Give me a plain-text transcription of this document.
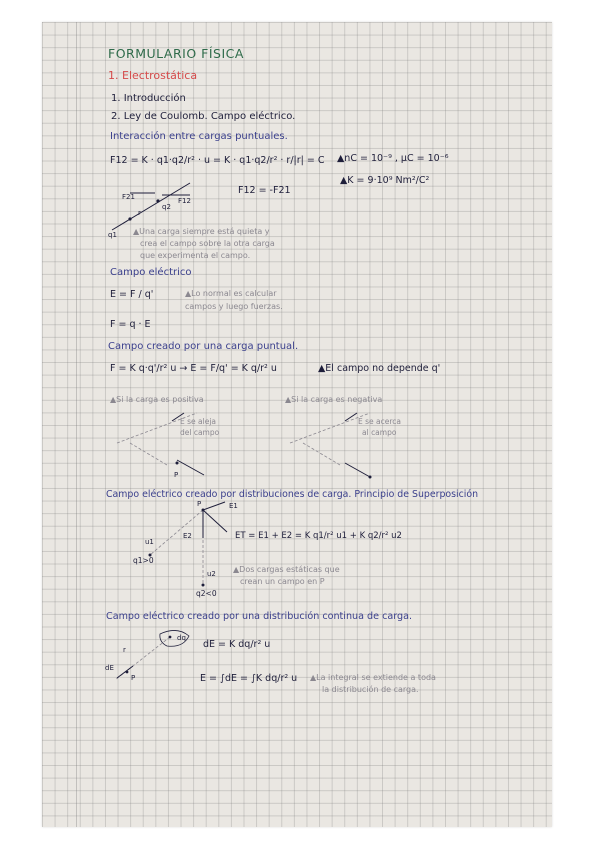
FORMULARIO FÍSICA
1. Electrostática
1. Introducción
2. Ley de Coulomb. Campo eléctrico.
Interacción entre cargas puntuales.
F12 = K · q1·q2/r² · u = K · q1·q2/r² · r/|r| = C ▲nC = 10⁻⁹ , µC = 10⁻⁶
▲K = 9·10⁹ Nm²/C²
F21	F12
q1
q2
r
F12 = -F21
▲Una carga siempre está quieta y
crea el campo sobre la otra carga
que experimenta el campo.
Campo eléctrico
E = F / q'	▲Lo normal es calcular
campos y luego fuerzas.
F = q · E
Campo creado por una carga puntual.
F = K q·q'/r² u → E = F/q' = K q/r² u	▲El campo no depende q'
▲Si la carga es positiva	▲Si la carga es negativa
P
E se aleja
del campo
E se acerca
al campo
Campo eléctrico creado por distribuciones de carga. Principio de Superposición
P	E1
E2
u1
u2
ET = E1 + E2 = K q1/r² u1 + K q2/r² u2
q1>0
q2<0
▲Dos cargas estáticas que
crean un campo en P
Campo eléctrico creado por una distribución continua de carga.
dq
r
dE
P
dE = K dq/r² u
E = ∫dE = ∫K dq/r² u ▲La integral se extiende a toda
la distribución de carga.
